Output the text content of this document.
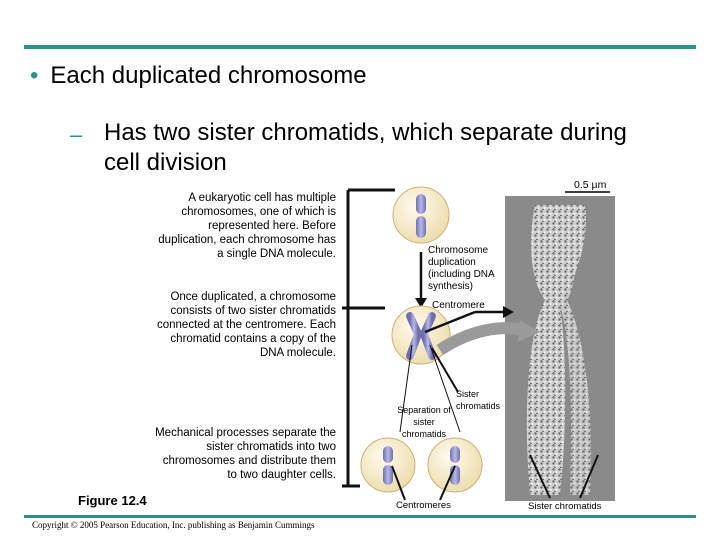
• Each duplicated chromosome
– Has two sister chromatids, which separate during cell division
A eukaryotic cell has multiple chromosomes, one of which is represented here. Before duplication, each chromosome has a single DNA molecule.
Once duplicated, a chromosome consists of two sister chromatids connected at the centromere. Each chromatid contains a copy of the DNA molecule.
Mechanical processes separate the sister chromatids into two chromosomes and distribute them to two daughter cells.
Chromosome duplication (including DNA synthesis)
Centromere
Sister chromatids
Separation of sister chromatids
Centromeres	Sister chromatids
0.5 µm
Figure 12.4
Copyright © 2005 Pearson Education, Inc. publishing as Benjamin Cummings
